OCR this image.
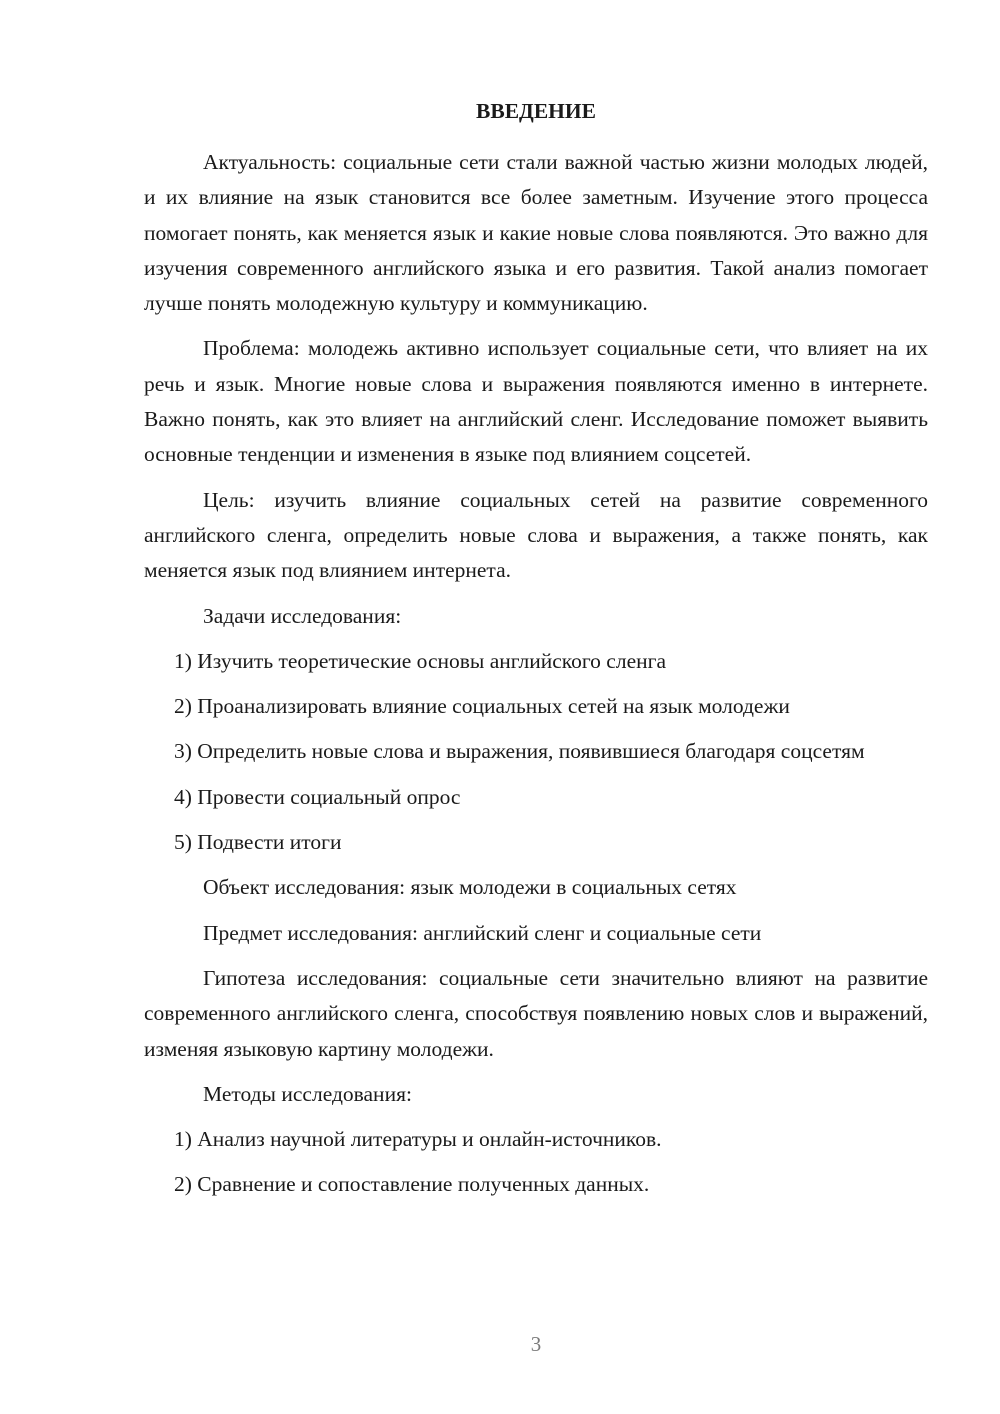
ВВЕДЕНИЕ

Актуальность: социальные сети стали важной частью жизни молодых людей, и их влияние на язык становится все более заметным. Изучение этого процесса помогает понять, как меняется язык и какие новые слова появляются. Это важно для изучения современного английского языка и его развития. Такой анализ помогает лучше понять молодежную культуру и коммуникацию.

Проблема: молодежь активно использует социальные сети, что влияет на их речь и язык. Многие новые слова и выражения появляются именно в интернете. Важно понять, как это влияет на английский сленг. Исследование поможет выявить основные тенденции и изменения в языке под влиянием соцсетей.

Цель: изучить влияние социальных сетей на развитие современного английского сленга, определить новые слова и выражения, а также понять, как меняется язык под влиянием интернета.

Задачи исследования:

1) Изучить теоретические основы английского сленга

2) Проанализировать влияние социальных сетей на язык молодежи

3) Определить новые слова и выражения, появившиеся благодаря соцсетям

4) Провести социальный опрос

5) Подвести итоги

Объект исследования: язык молодежи в социальных сетях

Предмет исследования: английский сленг и социальные сети

Гипотеза исследования: социальные сети значительно влияют на развитие современного английского сленга, способствуя появлению новых слов и выражений, изменяя языковую картину молодежи.

Методы исследования:

1) Анализ научной литературы и онлайн-источников.

2) Сравнение и сопоставление полученных данных.

3
